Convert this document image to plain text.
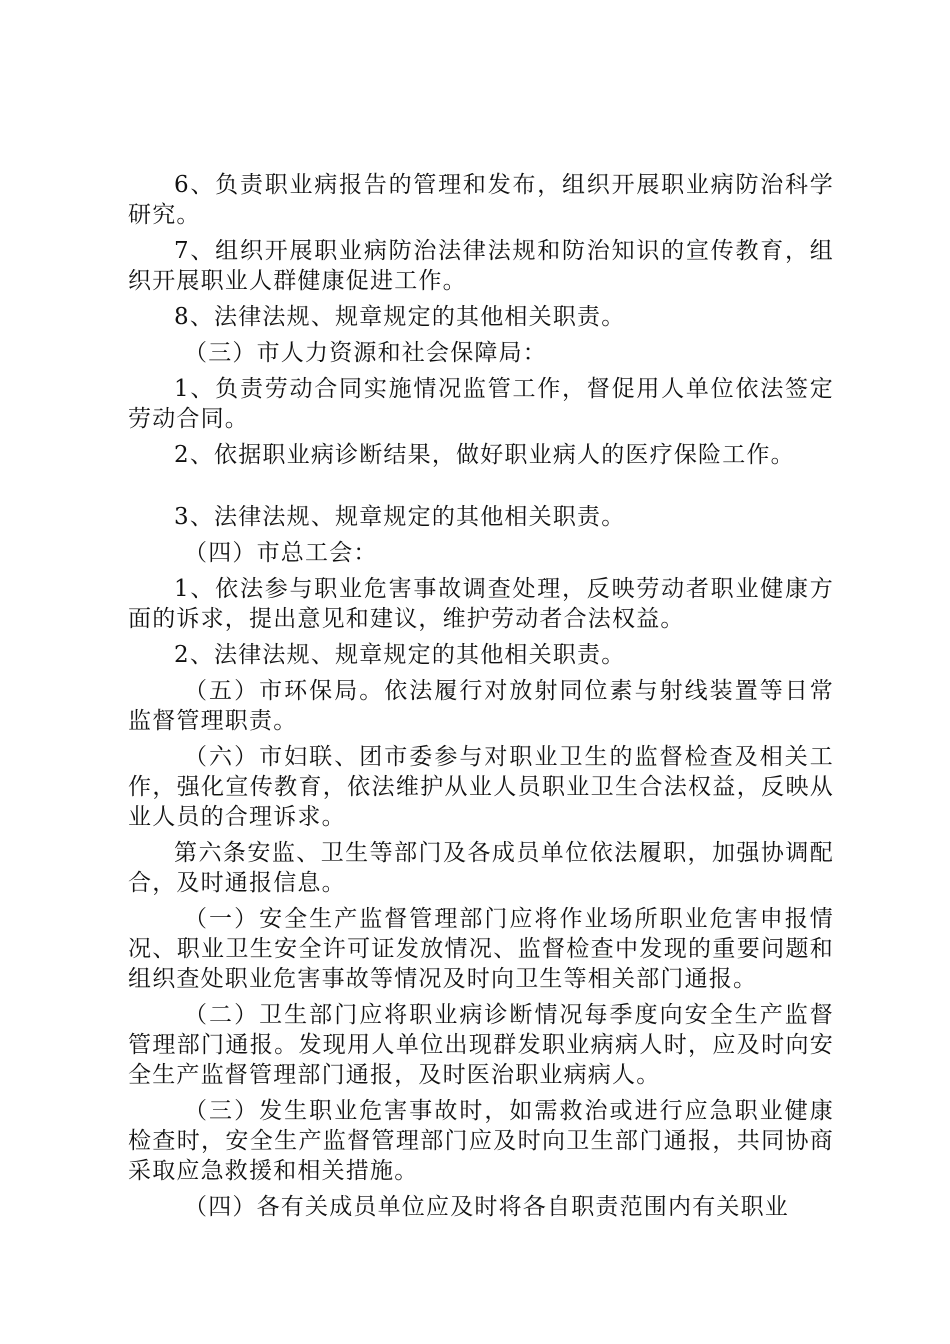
6、负责职业病报告的管理和发布，组织开展职业病防治科学研究。

7、组织开展职业病防治法律法规和防治知识的宣传教育，组织开展职业人群健康促进工作。

8、法律法规、规章规定的其他相关职责。

（三）市人力资源和社会保障局：

1、负责劳动合同实施情况监管工作，督促用人单位依法签定劳动合同。

2、依据职业病诊断结果，做好职业病人的医疗保险工作。

3、法律法规、规章规定的其他相关职责。

（四）市总工会：

1、依法参与职业危害事故调查处理，反映劳动者职业健康方面的诉求，提出意见和建议，维护劳动者合法权益。

2、法律法规、规章规定的其他相关职责。

（五）市环保局。依法履行对放射同位素与射线装置等日常监督管理职责。

（六）市妇联、团市委参与对职业卫生的监督检查及相关工作，强化宣传教育，依法维护从业人员职业卫生合法权益，反映从业人员的合理诉求。

第六条安监、卫生等部门及各成员单位依法履职，加强协调配合，及时通报信息。

（一）安全生产监督管理部门应将作业场所职业危害申报情况、职业卫生安全许可证发放情况、监督检查中发现的重要问题和组织查处职业危害事故等情况及时向卫生等相关部门通报。

（二）卫生部门应将职业病诊断情况每季度向安全生产监督管理部门通报。发现用人单位出现群发职业病病人时，应及时向安全生产监督管理部门通报，及时医治职业病病人。

（三）发生职业危害事故时，如需救治或进行应急职业健康检查时，安全生产监督管理部门应及时向卫生部门通报，共同协商采取应急救援和相关措施。

（四）各有关成员单位应及时将各自职责范围内有关职业
